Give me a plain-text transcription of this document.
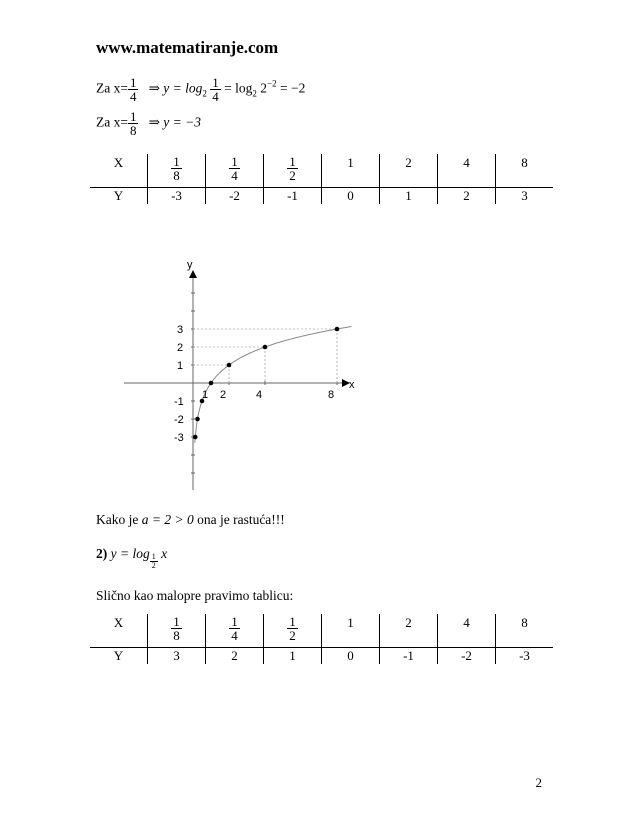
www.matematiranje.com
Za $x= \frac{1}{4}$ ⇒ $y = \log_2 \frac{1}{4} = \log_2 2^{-2} = -2$
Za $x= \frac{1}{8}$ ⇒ y = −3
X	$\frac{1}{8}$	$\frac{1}{4}$	$\frac{1}{2}$	1	2	4	8
Y	-3	-2	-1	0	1	2	3
x
y
1 2	4	8
1
2
3
-1
-2
-3
Kako je a = 2 > 0 ona je rastuća!!!
2) $y = \log \frac{1}{2}$ x
Slično kao malopre pravimo tablicu:
X	$\frac{1}{8}$	$\frac{1}{4}$	$\frac{1}{2}$	1	2	4	8
Y	3	2	1	0	-1	-2	-3
2
